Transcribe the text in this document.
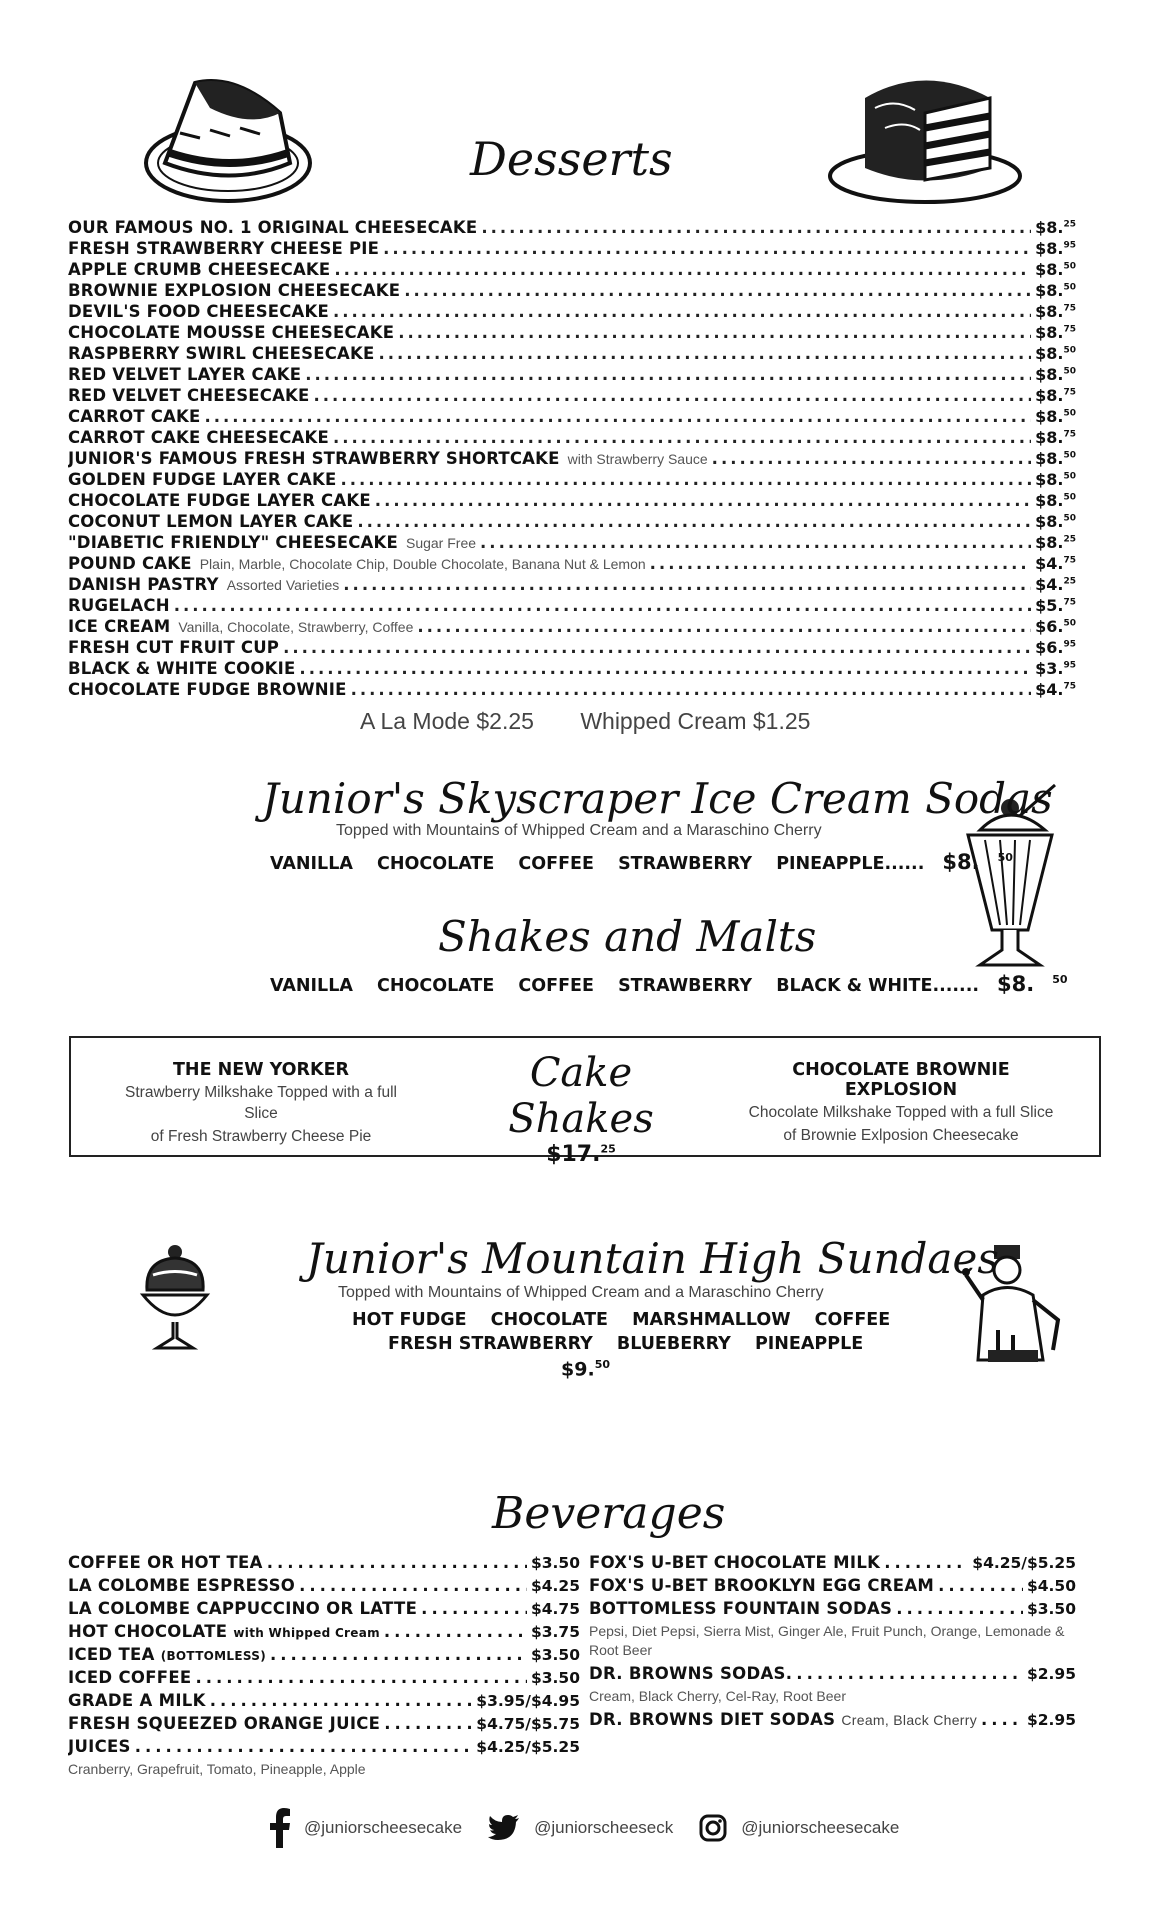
Desserts
OUR FAMOUS NO. 1 ORIGINAL CHEESECAKE .....	$8.25
FRESH STRAWBERRY CHEESE PIE .....	$8.95
APPLE CRUMB CHEESECAKE .....	$8.50
BROWNIE EXPLOSION CHEESECAKE .....	$8.50
DEVIL'S FOOD CHEESECAKE .....	$8.75
CHOCOLATE MOUSSE CHEESECAKE .....	$8.75
RASPBERRY SWIRL CHEESECAKE .....	$8.50
RED VELVET LAYER CAKE .....	$8.50
RED VELVET CHEESECAKE .....	$8.75
CARROT CAKE .....	$8.50
CARROT CAKE CHEESECAKE .....	$8.75
JUNIOR'S FAMOUS FRESH STRAWBERRY SHORTCAKE with Strawberry Sauce .....	$8.50
GOLDEN FUDGE LAYER CAKE .....	$8.50
CHOCOLATE FUDGE LAYER CAKE .....	$8.50
COCONUT LEMON LAYER CAKE .....	$8.50
"DIABETIC FRIENDLY" CHEESECAKE Sugar Free .....	$8.25
POUND CAKE Plain, Marble, Chocolate Chip, Double Chocolate, Banana Nut & Lemon .....	$4.75
DANISH PASTRY Assorted Varieties .....	$4.25
RUGELACH .....	$5.75
ICE CREAM Vanilla, Chocolate, Strawberry, Coffee .....	$6.50
FRESH CUT FRUIT CUP .....	$6.95
BLACK & WHITE COOKIE .....	$3.95
CHOCOLATE FUDGE BROWNIE .....	$4.75
A La Mode $2.25 Whipped Cream $1.25
Junior's Skyscraper Ice Cream Sodas
Topped with Mountains of Whipped Cream and a Maraschino Cherry
VANILLA CHOCOLATE COFFEE STRAWBERRY PINEAPPLE...... $8. $^{50}$
Shakes and Malts
VANILLA CHOCOLATE COFFEE STRAWBERRY BLACK & WHITE....... $8. $^{50}$
THE NEW YORKER
Strawberry Milkshake Topped with a full Slice
of Fresh Strawberry Cheese Pie
Cake Shakes
$17.25
CHOCOLATE BROWNIE EXPLOSION
Chocolate Milkshake Topped with a full Slice
of Brownie Exlposion Cheesecake
Junior's Mountain High Sundaes
Topped with Mountains of Whipped Cream and a Maraschino Cherry
HOT FUDGE CHOCOLATE MARSHMALLOW COFFEE
FRESH STRAWBERRY BLUEBERRY PINEAPPLE
$9.50
Beverages
COFFEE OR HOT TEA .....	$3.50
LA COLOMBE ESPRESSO .....	$4.25
LA COLOMBE CAPPUCCINO OR LATTE .....	$4.75
HOT CHOCOLATE with Whipped Cream .....	$3.75
ICED TEA (BOTTOMLESS) .....	$3.50
ICED COFFEE .....	$3.50
GRADE A MILK .....	$3.95/$4.95
FRESH SQUEEZED ORANGE JUICE .....	$4.75/$5.75
JUICES .....	$4.25/$5.25
Cranberry, Grapefruit, Tomato, Pineapple, Apple
FOX'S U-BET CHOCOLATE MILK .....	$4.25/$5.25
FOX'S U-BET BROOKLYN EGG CREAM .....	$4.50
BOTTOMLESS FOUNTAIN SODAS .....	$3.50
Pepsi, Diet Pepsi, Sierra Mist, Ginger Ale, Fruit Punch, Orange, Lemonade & Root Beer
DR. BROWNS SODAS. .....	$2.95
Cream, Black Cherry, Cel-Ray, Root Beer
DR. BROWNS DIET SODAS Cream, Black Cherry .....	$2.95
@juniorscheesecake	@juniorscheeseck	@juniorscheesecake
